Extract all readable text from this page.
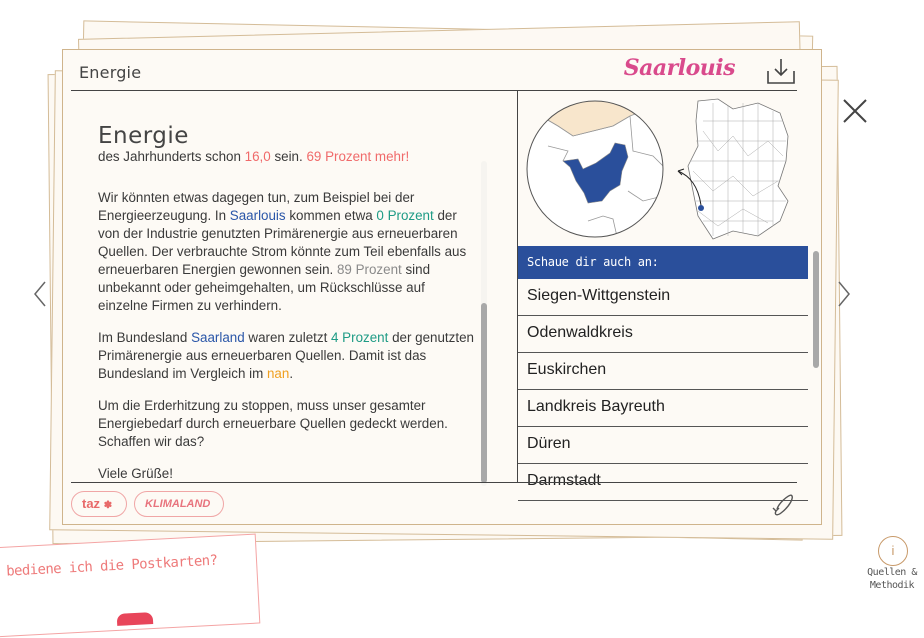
Energie	Saarlouis
Energie
des Jahrhunderts schon 16,0 sein. 69 Prozent mehr!

Wir könnten etwas dagegen tun, zum Beispiel bei der Energieerzeugung. In Saarlouis kommen etwa 0 Prozent der von der Industrie genutzten Primärenergie aus erneuerbaren Quellen. Der verbrauchte Strom könnte zum Teil ebenfalls aus erneuerbaren Energien gewonnen sein. 89 Prozent sind unbekannt oder geheimgehalten, um Rückschlüsse auf einzelne Firmen zu verhindern.

Im Bundesland Saarland waren zuletzt 4 Prozent der genutzten Primärenergie aus erneuerbaren Quellen. Damit ist das Bundesland im Vergleich im nan.

Um die Erderhitzung zu stoppen, muss unser gesamter Energiebedarf durch erneuerbare Quellen gedeckt werden. Schaffen wir das?

Viele Grüße!

Schaue dir auch an:
Siegen-Wittgenstein
Odenwaldkreis
Euskirchen
Landkreis Bayreuth
Düren
Darmstadt
taz ✽	KLIMALAND
bediene ich die Postkarten?
i
Quellen &
Methodik
